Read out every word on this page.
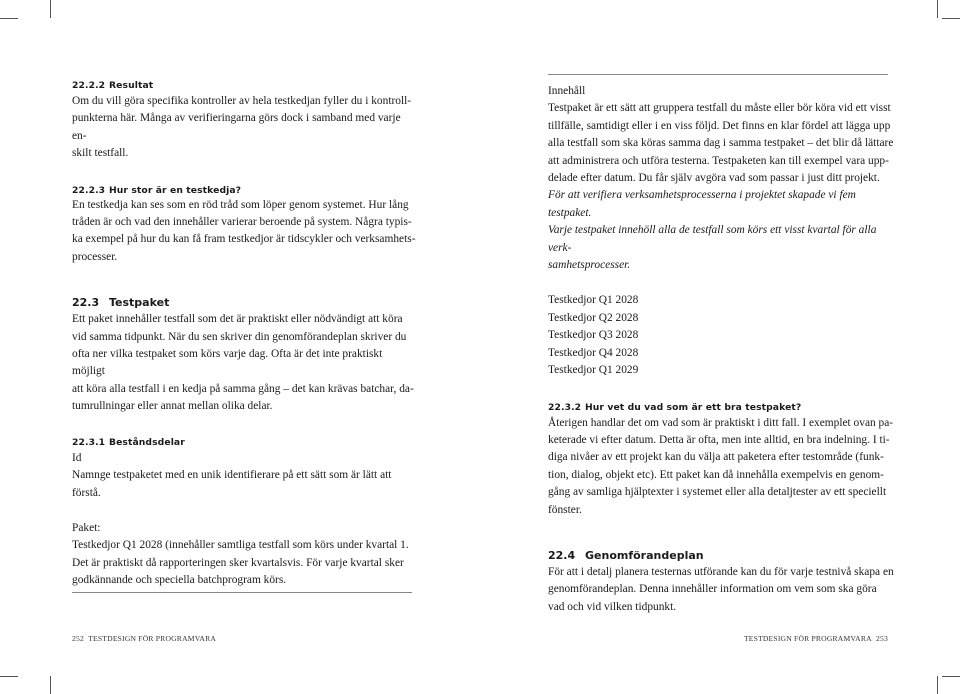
22.2.2 Resultat

Om du vill göra specifika kontroller av hela testkedjan fyller du i kontroll-
punkterna här. Många av verifieringarna görs dock i samband med varje en-
skilt testfall.

22.2.3 Hur stor är en testkedja?

En testkedja kan ses som en röd tråd som löper genom systemet. Hur lång
tråden är och vad den innehåller varierar beroende på system. Några typis-
ka exempel på hur du kan få fram testkedjor är tidscykler och verksamhets-
processer.

22.3 Testpaket

Ett paket innehåller testfall som det är praktiskt eller nödvändigt att köra
vid samma tidpunkt. När du sen skriver din genomförandeplan skriver du
ofta ner vilka testpaket som körs varje dag. Ofta är det inte praktiskt möjligt
att köra alla testfall i en kedja på samma gång – det kan krävas batchar, da-
tumrullningar eller annat mellan olika delar.

22.3.1 Beståndsdelar

Id
Namnge testpaketet med en unik identifierare på ett sätt som är lätt att förstå.

Paket:
Testkedjor Q1 2028 (innehåller samtliga testfall som körs under kvartal 1.
Det är praktiskt då rapporteringen sker kvartalsvis. För varje kvartal sker
godkännande och speciella batchprogram körs.

252 TESTDESIGN FÖR PROGRAMVARA

Innehåll
Testpaket är ett sätt att gruppera testfall du måste eller bör köra vid ett visst
tillfälle, samtidigt eller i en viss följd. Det finns en klar fördel att lägga upp
alla testfall som ska köras samma dag i samma testpaket – det blir då lättare
att administrera och utföra testerna. Testpaketen kan till exempel vara upp-
delade efter datum. Du får själv avgöra vad som passar i just ditt projekt.
För att verifiera verksamhetsprocesserna i projektet skapade vi fem testpaket.
Varje testpaket innehöll alla de testfall som körs ett visst kvartal för alla verk-
samhetsprocesser.

Testkedjor Q1 2028
Testkedjor Q2 2028
Testkedjor Q3 2028
Testkedjor Q4 2028
Testkedjor Q1 2029

22.3.2 Hur vet du vad som är ett bra testpaket?

Återigen handlar det om vad som är praktiskt i ditt fall. I exemplet ovan pa-
keterade vi efter datum. Detta är ofta, men inte alltid, en bra indelning. I ti-
diga nivåer av ett projekt kan du välja att paketera efter testområde (funk-
tion, dialog, objekt etc). Ett paket kan då innehålla exempelvis en genom-
gång av samliga hjälptexter i systemet eller alla detaljtester av ett speciellt
fönster.

22.4 Genomförandeplan

För att i detalj planera testernas utförande kan du för varje testnivå skapa en
genomförandeplan. Denna innehåller information om vem som ska göra
vad och vid vilken tidpunkt.

TESTDESIGN FÖR PROGRAMVARA 253
